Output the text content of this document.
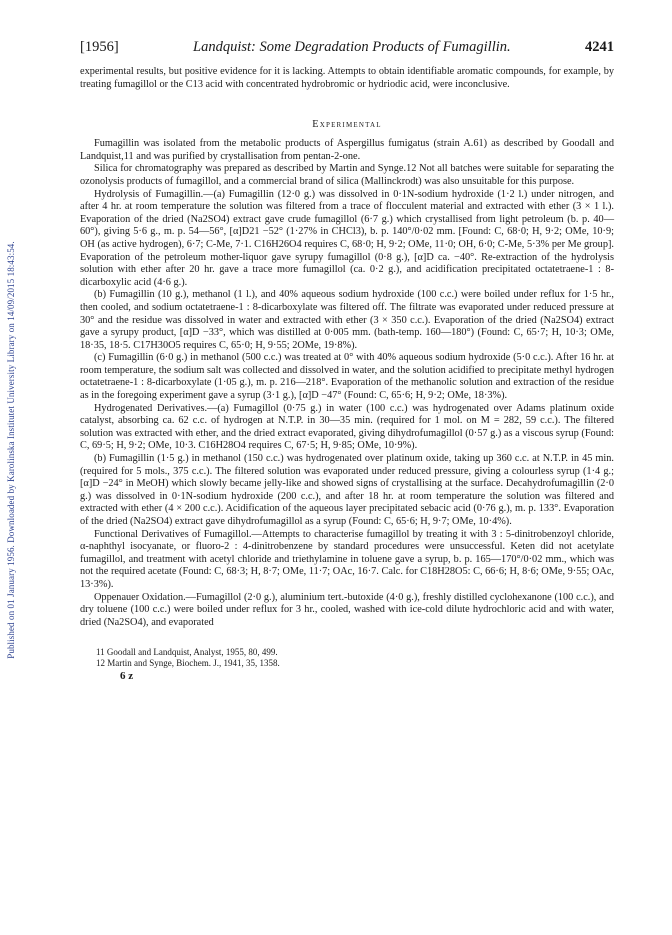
Published on 01 January 1956. Downloaded by Karolinska Institutet University Library on 14/09/2015 18:43:54.
[1956]	Landquist: Some Degradation Products of Fumagillin.	4241

experimental results, but positive evidence for it is lacking. Attempts to obtain identifiable aromatic compounds, for example, by treating fumagillol or the C13 acid with concentrated hydrobromic or hydriodic acid, were inconclusive.

Experimental

Fumagillin was isolated from the metabolic products of Aspergillus fumigatus (strain A.61) as described by Goodall and Landquist,11 and was purified by crystallisation from pentan-2-one.

Silica for chromatography was prepared as described by Martin and Synge.12 Not all batches were suitable for separating the ozonolysis products of fumagillol, and a commercial brand of silica (Mallinckrodt) was also unsuitable for this purpose.

Hydrolysis of Fumagillin.—(a) Fumagillin (12·0 g.) was dissolved in 0·1N-sodium hydroxide (1·2 l.) under nitrogen, and after 4 hr. at room temperature the solution was filtered from a trace of flocculent material and extracted with ether (3 × 1 l.). Evaporation of the dried (Na2SO4) extract gave crude fumagillol (6·7 g.) which crystallised from light petroleum (b. p. 40—60°), giving 5·6 g., m. p. 54—56°, [α]D21 −52° (1·27% in CHCl3), b. p. 140°/0·02 mm. [Found: C, 68·0; H, 9·2; OMe, 10·9; OH (as active hydrogen), 6·7; C-Me, 7·1. C16H26O4 requires C, 68·0; H, 9·2; OMe, 11·0; OH, 6·0; C-Me, 5·3% per Me group]. Evaporation of the petroleum mother-liquor gave syrupy fumagillol (0·8 g.), [α]D ca. −40°. Re-extraction of the hydrolysis solution with ether after 20 hr. gave a trace more fumagillol (ca. 0·2 g.), and acidification precipitated octatetraene-1 : 8-dicarboxylic acid (4·6 g.).

(b) Fumagillin (10 g.), methanol (1 l.), and 40% aqueous sodium hydroxide (100 c.c.) were boiled under reflux for 1·5 hr., then cooled, and sodium octatetraene-1 : 8-dicarboxylate was filtered off. The filtrate was evaporated under reduced pressure at 30° and the residue was dissolved in water and extracted with ether (3 × 350 c.c.). Evaporation of the dried (Na2SO4) extract gave a syrupy product, [α]D −33°, which was distilled at 0·005 mm. (bath-temp. 160—180°) (Found: C, 65·7; H, 10·3; OMe, 18·35, 18·5. C17H30O5 requires C, 65·0; H, 9·55; 2OMe, 19·8%).

(c) Fumagillin (6·0 g.) in methanol (500 c.c.) was treated at 0° with 40% aqueous sodium hydroxide (5·0 c.c.). After 16 hr. at room temperature, the sodium salt was collected and dissolved in water, and the solution acidified to precipitate methyl hydrogen octatetraene-1 : 8-dicarboxylate (1·05 g.), m. p. 216—218°. Evaporation of the methanolic solution and extraction of the residue as in the foregoing experiment gave a syrup (3·1 g.), [α]D −47° (Found: C, 65·6; H, 9·2; OMe, 18·3%).

Hydrogenated Derivatives.—(a) Fumagillol (0·75 g.) in water (100 c.c.) was hydrogenated over Adams platinum oxide catalyst, absorbing ca. 62 c.c. of hydrogen at N.T.P. in 30—35 min. (required for 1 mol. on M = 282, 59 c.c.). The filtered solution was extracted with ether, and the dried extract evaporated, giving dihydrofumagillol (0·57 g.) as a viscous syrup (Found: C, 69·5; H, 9·2; OMe, 10·3. C16H28O4 requires C, 67·5; H, 9·85; OMe, 10·9%).

(b) Fumagillin (1·5 g.) in methanol (150 c.c.) was hydrogenated over platinum oxide, taking up 360 c.c. at N.T.P. in 45 min. (required for 5 mols., 375 c.c.). The filtered solution was evaporated under reduced pressure, giving a colourless syrup (1·4 g.; [α]D −24° in MeOH) which slowly became jelly-like and showed signs of crystallising at the surface. Decahydrofumagillin (2·0 g.) was dissolved in 0·1N-sodium hydroxide (200 c.c.), and after 18 hr. at room temperature the solution was filtered and extracted with ether (4 × 200 c.c.). Acidification of the aqueous layer precipitated sebacic acid (0·76 g.), m. p. 133°. Evaporation of the dried (Na2SO4) extract gave dihydrofumagillol as a syrup (Found: C, 65·6; H, 9·7; OMe, 10·4%).

Functional Derivatives of Fumagillol.—Attempts to characterise fumagillol by treating it with 3 : 5-dinitrobenzoyl chloride, α-naphthyl isocyanate, or fluoro-2 : 4-dinitrobenzene by standard procedures were unsuccessful. Keten did not acetylate fumagillol, and treatment with acetyl chloride and triethylamine in toluene gave a syrup, b. p. 165—170°/0·02 mm., which was not the required acetate (Found: C, 68·3; H, 8·7; OMe, 11·7; OAc, 16·7. Calc. for C18H28O5: C, 66·6; H, 8·6; OMe, 9·55; OAc, 13·3%).

Oppenauer Oxidation.—Fumagillol (2·0 g.), aluminium tert.-butoxide (4·0 g.), freshly distilled cyclohexanone (100 c.c.), and dry toluene (100 c.c.) were boiled under reflux for 3 hr., cooled, washed with ice-cold dilute hydrochloric acid and with water, dried (Na2SO4), and evaporated

11 Goodall and Landquist, Analyst, 1955, 80, 499.
12 Martin and Synge, Biochem. J., 1941, 35, 1358.
6 z
